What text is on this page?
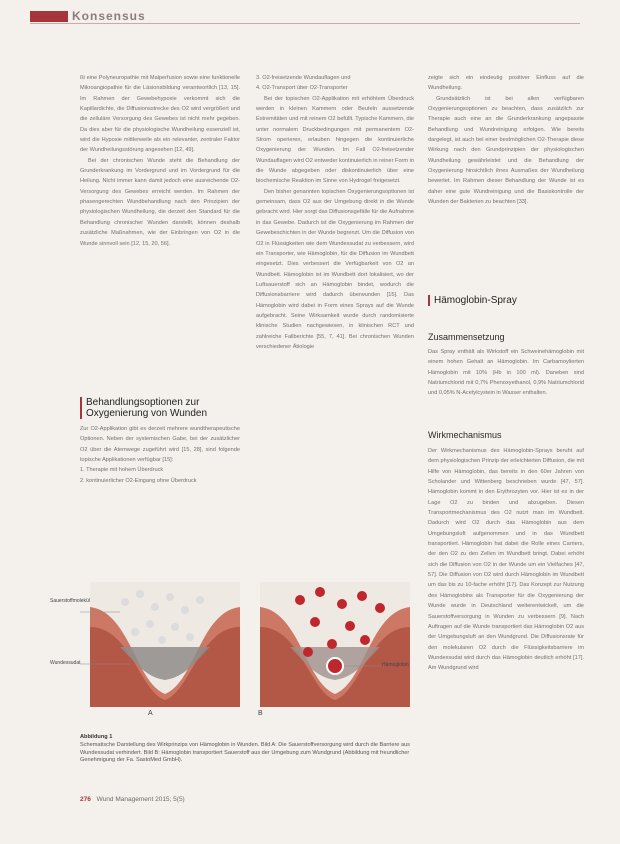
Konsensus

ßt eine Polyneuropathie mit Malperfusion sowie eine funktionelle Mikroangiopathie für die Läsionsbildung verantwortlich [13, 15]. Im Rahmen der Gewebehypoxie verkommt sich die Kapillardichte, die Diffusionsstrecke des O2 wird vergrößert und die zelluläre Versorgung des Gewebes ist nicht mehr gegeben. Da dies aber für die physiologische Wundheilung essenziell ist, wird die Hypoxie mittlerweile als ein relevanter, zentraler Faktor der Wundheilungsstörung angesehen [12, 49].

Bei der chronischen Wunde steht die Behandlung der Grunderkrankung im Vordergrund und im Vordergrund für die Heilung. Nicht immer kann damit jedoch eine ausreichende O2-Versorgung des Gewebes erreicht werden. Im Rahmen der phasengerechten Wundbehandlung nach den Prinzipien der physiologischen Wundheilung, die derzeit den Standard für die Behandlung chronischer Wunden darstellt, können deshalb zusätzliche Maßnahmen, wie der Einbringen von O2 in die Wunde sinnvoll sein [12, 15, 20, 56].

Behandlungsoptionen zur Oxygenierung von Wunden

Zur O2-Applikation gibt es derzeit mehrere wundtherapeutische Optionen. Neben der systemischen Gabe, bei der zusätzlicher O2 über die Atemwege zugeführt wird [15, 28], sind folgende topische Applikationen verfügbar [15]:

1. Therapie mit hohem Überdruck
2. kontinuierlicher O2-Eingang ohne Überdruck
3. O2-freisetzende Wundauflagen und
4. O2-Transport über O2-Transporter

Bei der topischen O2-Applikation mit erhöhtem Überdruck werden in kleinen Kammern oder Beuteln aussetzende Extremitäten und mit reinem O2 befüllt. Typische Kammern, die unter normalem Druckbedingungen mit permanentem O2-Strom operieren, erlauben hingegen die kontinuierliche Oxygenierung der Wunden. Im Fall O2-freisetzender Wundauflagen wird O2 entweder kontinuierlich in reiner Form in die Wunde abgegeben oder diskontinuierlich über eine biochemische Reaktion im Sinne von Hydrogel freigesetzt.

Den bisher genannten topischen Oxygenierungsoptionen ist gemeinsam, dass O2 aus der Umgebung direkt in die Wunde gebracht wird. Hier sorgt das Diffusionsgefälle für die Aufnahme in das Gewebe. Dadurch ist die Oxygenierung im Rahmen der Gewebeschichten in der Wunde begrenzt. Um die Diffusion von O2 in Flüssigkeiten wie dem Wundexsudat zu verbessern, wird ein Transporter, wie Hämoglobin, für die Diffusion im Wundbett eingesetzt. Dies verbessert die Verfügbarkeit von O2 an Wundbett. Hämoglobin ist im Wundbett dort lokalisiert, wo der Luftsauerstoff sich an Hämoglobin bindet, wodurch die Diffusionsbarriere wird dadurch überwunden [15]. Das Hämoglobin wird dabei in Form eines Sprays auf die Wunde aufgebracht. Seine Wirksamkeit wurde durch randomisierte klinische Studien nachgewiesen, in klinischen RCT und zahlreiche Fallberichte [55, 7, 41]. Bei chronischen Wunden verschiedener Ätiologie

zeigte sich ein eindeutig positiver Einfluss auf die Wundheilung.

Grundsätzlich ist bei allen verfügbaren Oxygenierungsoptionen zu beachten, dass zusätzlich zur Therapie auch eine an die Grunderkrankung angepasste Behandlung und Wundreinigung erfolgen. Wie bereits dargelegt, ist auch bei einer bestmöglichen O2-Therapie diese Wirkung nach den Grundprinzipien der physiologischen Wundheilung gewährleistet und die Behandlung der Oxygenierung hinsichtlich ihres Ausmaßes der Wundheilung bewertet. Im Rahmen dieser Behandlung der Wunde ist es daher eine gute Wundreinigung und die Basiskontrolle der Wunden der Bakterien zu beachten [33].

Hämoglobin-Spray
Zusammensetzung

Das Spray enthält als Wirkstoff ein Schweinehämoglobin mit einem hohen Gehalt an Hämoglobin. Im Carbamoylierten Hämoglobin mit 10% (Hb in 100 ml). Daneben sind Natriumchlorid mit 0,7% Phenoxyethanol, 0,9% Natriumchlorid und 0,05% N-Acetylcystein in Wasser enthalten.

Wirkmechanismus

Der Wirkmechanismus des Hämoglobin-Sprays beruht auf dem physiologischen Prinzip der erleichterten Diffusion, die mit Hilfe von Hämoglobin, das bereits in den 60er Jahren von Scholander und Wittenberg beschrieben wurde [47, 57]. Hämoglobin kommt in den Erythrozyten vor. Hier ist es in der Lage O2 zu binden und abzugeben. Diesen Transportmechanismus des O2 nutzt man im Wundbett. Dadurch wird O2 durch das Hämoglobin aus dem Umgebungsluft aufgenommen und in das Wundbett transportiert. Hämoglobin hat dabei die Rolle eines Carriers, der den O2 zu den Zellen im Wundbett bringt. Dabei erhöht sich die Diffusion von O2 in der Wunde um ein Vielfaches [47, 57]. Die Diffusion von O2 wird durch Hämoglobin im Wundbett um das bis zu 10-fache erhöht [17]. Das Konzept zur Nutzung des Hämoglobins als Transporter für die Oxygenierung der Wunde wurde in Deutschland weiterentwickelt, um die Sauerstoffversorgung in Wunden zu verbessern [9]. Nach Auftragen auf die Wunde transportiert das Hämoglobin O2 aus der Umgebungsluft an den Wundgrund. Die Diffusionsrate für den molekularen O2 durch die Flüssigkeitsbarriere im Wundexsudat wird durch das Hämoglobin deutlich erhöht [17]. Am Wundgrund wird

Sauerstoffmolekül
Wundexsudat	Hämoglobin
A	B
Abbildung 1
Schematische Darstellung des Wirkprinzips von Hämoglobin in Wunden. Bild A: Die Sauerstoffversorgung wird durch die Barriere aus Wundexsudat verhindert. Bild B: Hämoglobin transportiert Sauerstoff aus der Umgebung zum Wundgrund (Abbildung mit freundlicher Genehmigung der Fa. SastoMed GmbH).
276 Wund Management 2015; 5(5)
